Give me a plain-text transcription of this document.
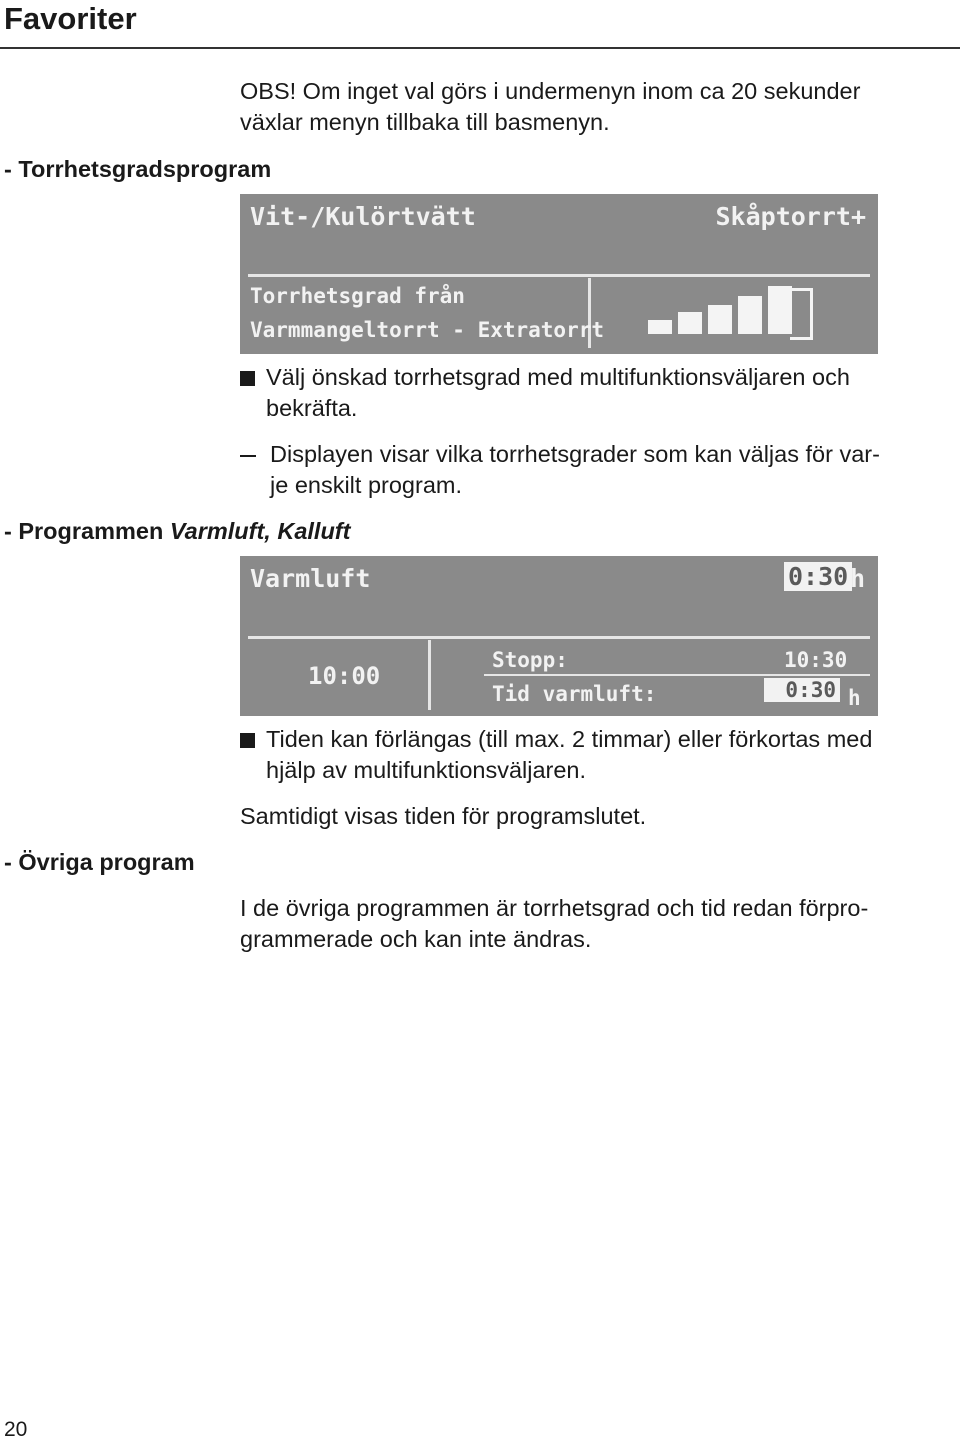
Favoriter

OBS! Om inget val görs i undermenyn inom ca 20 sekunder
växlar menyn tillbaka till basmenyn.

- Torrhetsgradsprogram

Vit-/Kulörtvätt	Skåptorrt+
Torrhetsgrad från
Varmmangeltorrt - Extratorrt

Välj önskad torrhetsgrad med multifunktionsväljaren och
bekräfta.

Displayen visar vilka torrhetsgrader som kan väljas för var-
je enskilt program.

- Programmen Varmluft, Kalluft

Varmluft	0:30 h
10:00
Stopp:	10:30
Tid varmluft:	0:30 h

Tiden kan förlängas (till max. 2 timmar) eller förkortas med
hjälp av multifunktionsväljaren.

Samtidigt visas tiden för programslutet.

- Övriga program

I de övriga programmen är torrhetsgrad och tid redan förpro-
grammerade och kan inte ändras.

20
